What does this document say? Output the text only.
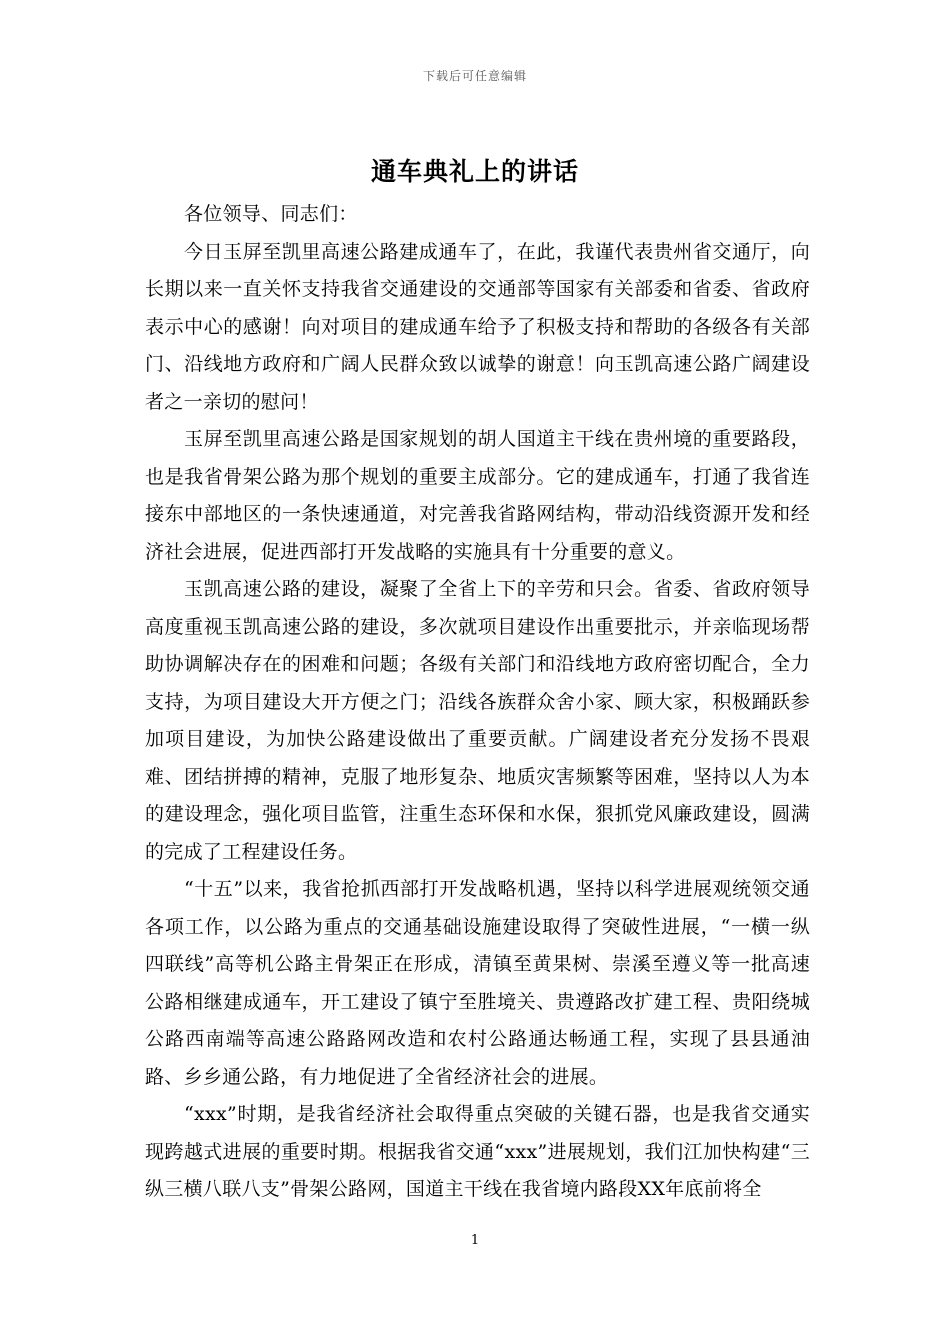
下载后可任意编辑
通车典礼上的讲话

各位领导、同志们：

今日玉屏至凯里高速公路建成通车了，在此，我谨代表贵州省交通厅，向长期以来一直关怀支持我省交通建设的交通部等国家有关部委和省委、省政府表示中心的感谢！向对项目的建成通车给予了积极支持和帮助的各级各有关部门、沿线地方政府和广阔人民群众致以诚挚的谢意！向玉凯高速公路广阔建设者之一亲切的慰问！

玉屏至凯里高速公路是国家规划的胡人国道主干线在贵州境的重要路段，也是我省骨架公路为那个规划的重要主成部分。它的建成通车，打通了我省连接东中部地区的一条快速通道，对完善我省路网结构，带动沿线资源开发和经济社会进展，促进西部打开发战略的实施具有十分重要的意义。

玉凯高速公路的建设，凝聚了全省上下的辛劳和只会。省委、省政府领导高度重视玉凯高速公路的建设，多次就项目建设作出重要批示，并亲临现场帮助协调解决存在的困难和问题；各级有关部门和沿线地方政府密切配合，全力支持，为项目建设大开方便之门；沿线各族群众舍小家、顾大家，积极踊跃参加项目建设，为加快公路建设做出了重要贡献。广阔建设者充分发扬不畏艰难、团结拼搏的精神，克服了地形复杂、地质灾害频繁等困难，坚持以人为本的建设理念，强化项目监管，注重生态环保和水保，狠抓党风廉政建设，圆满的完成了工程建设任务。

“十五”以来，我省抢抓西部打开发战略机遇，坚持以科学进展观统领交通各项工作，以公路为重点的交通基础设施建设取得了突破性进展，“一横一纵四联线”高等机公路主骨架正在形成，清镇至黄果树、崇溪至遵义等一批高速公路相继建成通车，开工建设了镇宁至胜境关、贵遵路改扩建工程、贵阳绕城公路西南端等高速公路路网改造和农村公路通达畅通工程，实现了县县通油路、乡乡通公路，有力地促进了全省经济社会的进展。

“xxx”时期，是我省经济社会取得重点突破的关键石器，也是我省交通实现跨越式进展的重要时期。根据我省交通“xxx”进展规划，我们江加快构建“三纵三横八联八支”骨架公路网，国道主干线在我省境内路段XX年底前将全

1
